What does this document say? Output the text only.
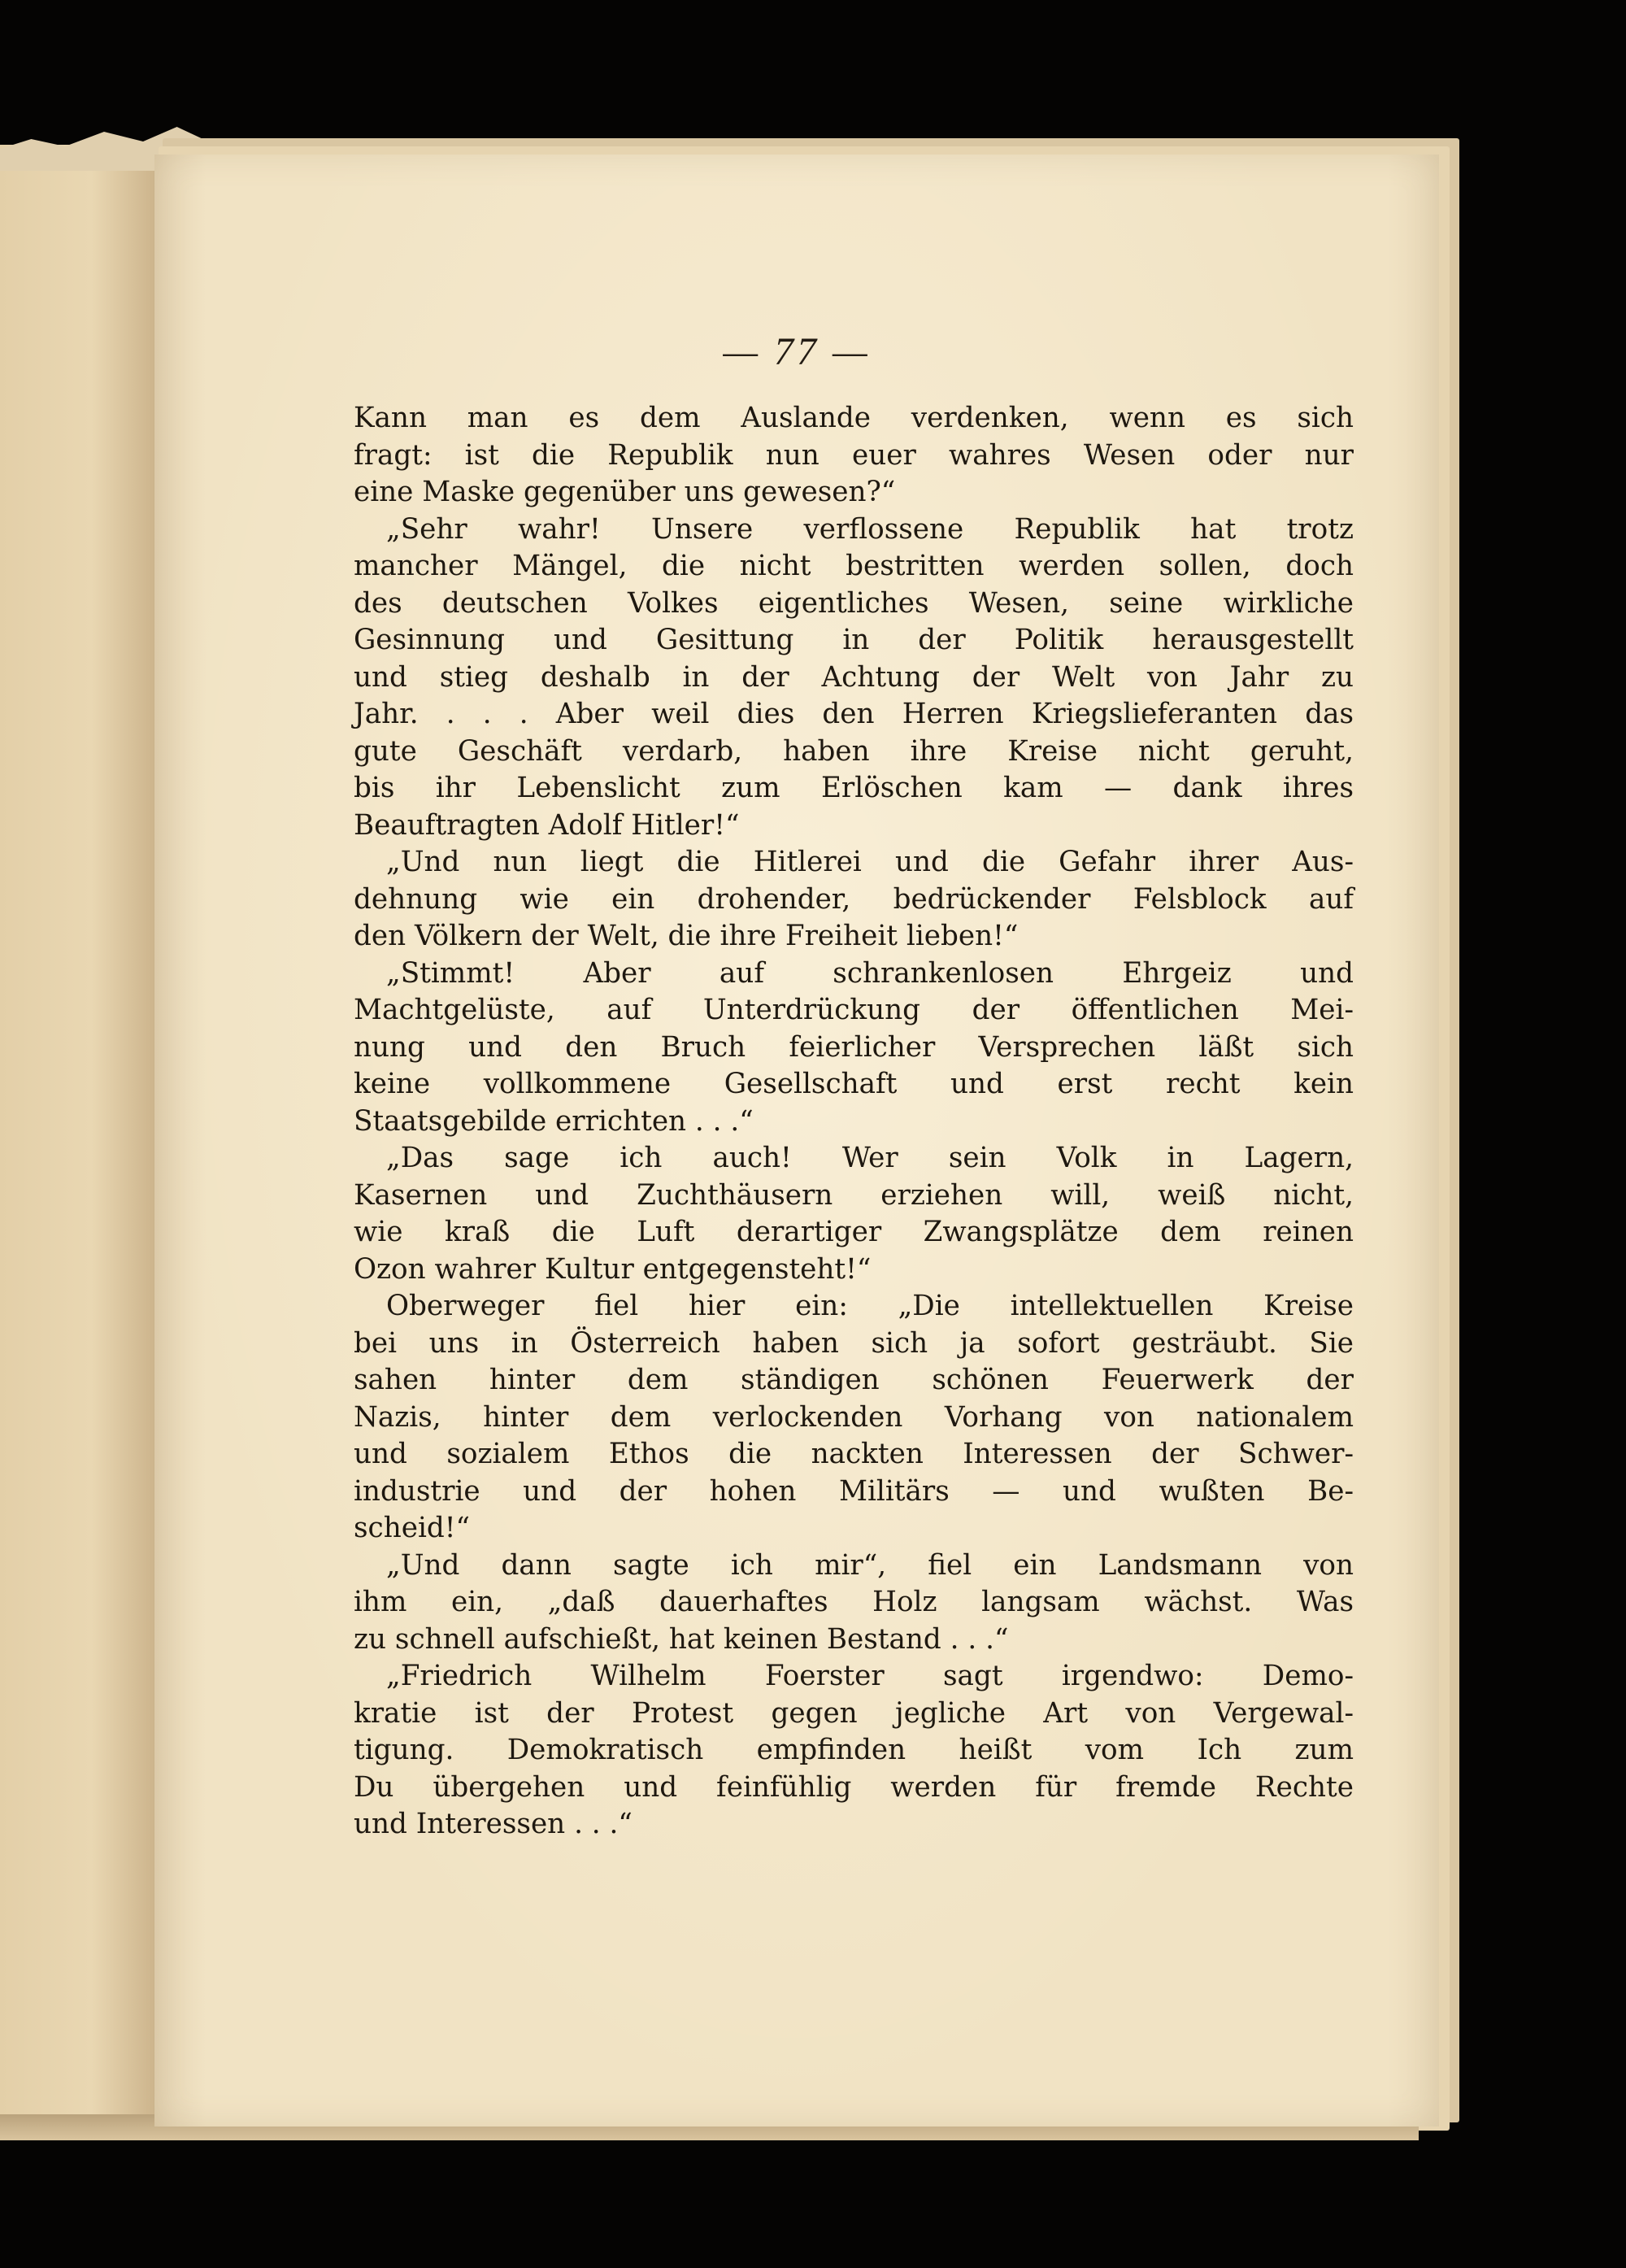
— 77 —
Kann man es dem Auslande verdenken, wenn es sich
fragt: ist die Republik nun euer wahres Wesen oder nur
eine Maske gegenüber uns gewesen?“
„Sehr wahr! Unsere verflossene Republik hat trotz
mancher Mängel, die nicht bestritten werden sollen, doch
des deutschen Volkes eigentliches Wesen, seine wirkliche
Gesinnung und Gesittung in der Politik herausgestellt
und stieg deshalb in der Achtung der Welt von Jahr zu
Jahr. . . . Aber weil dies den Herren Kriegslieferanten das
gute Geschäft verdarb, haben ihre Kreise nicht geruht,
bis ihr Lebenslicht zum Erlöschen kam — dank ihres
Beauftragten Adolf Hitler!“
„Und nun liegt die Hitlerei und die Gefahr ihrer Aus-
dehnung wie ein drohender, bedrückender Felsblock auf
den Völkern der Welt, die ihre Freiheit lieben!“
„Stimmt! Aber auf schrankenlosen Ehrgeiz und
Machtgelüste, auf Unterdrückung der öffentlichen Mei-
nung und den Bruch feierlicher Versprechen läßt sich
keine vollkommene Gesellschaft und erst recht kein
Staatsgebilde errichten . . .“
„Das sage ich auch! Wer sein Volk in Lagern,
Kasernen und Zuchthäusern erziehen will, weiß nicht,
wie kraß die Luft derartiger Zwangsplätze dem reinen
Ozon wahrer Kultur entgegensteht!“
Oberweger fiel hier ein: „Die intellektuellen Kreise
bei uns in Österreich haben sich ja sofort gesträubt. Sie
sahen hinter dem ständigen schönen Feuerwerk der
Nazis, hinter dem verlockenden Vorhang von nationalem
und sozialem Ethos die nackten Interessen der Schwer-
industrie und der hohen Militärs — und wußten Be-
scheid!“
„Und dann sagte ich mir“, fiel ein Landsmann von
ihm ein, „daß dauerhaftes Holz langsam wächst. Was
zu schnell aufschießt, hat keinen Bestand . . .“
„Friedrich Wilhelm Foerster sagt irgendwo: Demo-
kratie ist der Protest gegen jegliche Art von Vergewal-
tigung. Demokratisch empfinden heißt vom Ich zum
Du übergehen und feinfühlig werden für fremde Rechte
und Interessen . . .“
